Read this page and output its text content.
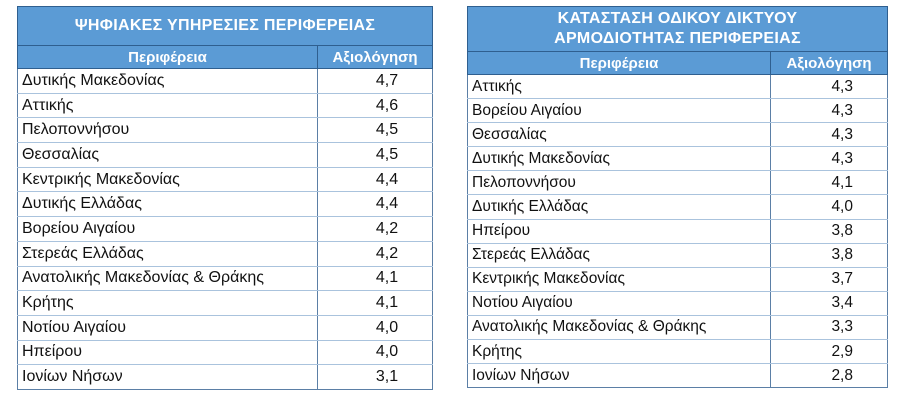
ΨΗΦΙΑΚΕΣ ΥΠΗΡΕΣΙΕΣ ΠΕΡΙΦΕΡΕΙΑΣ	
Περιφέρεια	Αξιολόγηση
Δυτικής Μακεδονίας	4,7
Αττικής	4,6
Πελοποννήσου	4,5
Θεσσαλίας	4,5
Κεντρικής Μακεδονίας	4,4
Δυτικής Ελλάδας	4,4
Βορείου Αιγαίου	4,2
Στερεάς Ελλάδας	4,2
Ανατολικής Μακεδονίας & Θράκης	4,1
Κρήτης	4,1
Νοτίου Αιγαίου	4,0
Ηπείρου	4,0
Ιονίων Νήσων	3,1
ΚΑΤΑΣΤΑΣΗ ΟΔΙΚΟΥ ΔΙΚΤΥΟΥ
ΑΡΜΟΔΙΟΤΗΤΑΣ ΠΕΡΙΦΕΡΕΙΑΣ	

Περιφέρεια	Αξιολόγηση
Αττικής	4,3
Βορείου Αιγαίου	4,3
Θεσσαλίας	4,3
Δυτικής Μακεδονίας	4,3
Πελοποννήσου	4,1
Δυτικής Ελλάδας	4,0
Ηπείρου	3,8
Στερεάς Ελλάδας	3,8
Κεντρικής Μακεδονίας	3,7
Νοτίου Αιγαίου	3,4
Ανατολικής Μακεδονίας & Θράκης	3,3
Κρήτης	2,9
Ιονίων Νήσων	2,8
